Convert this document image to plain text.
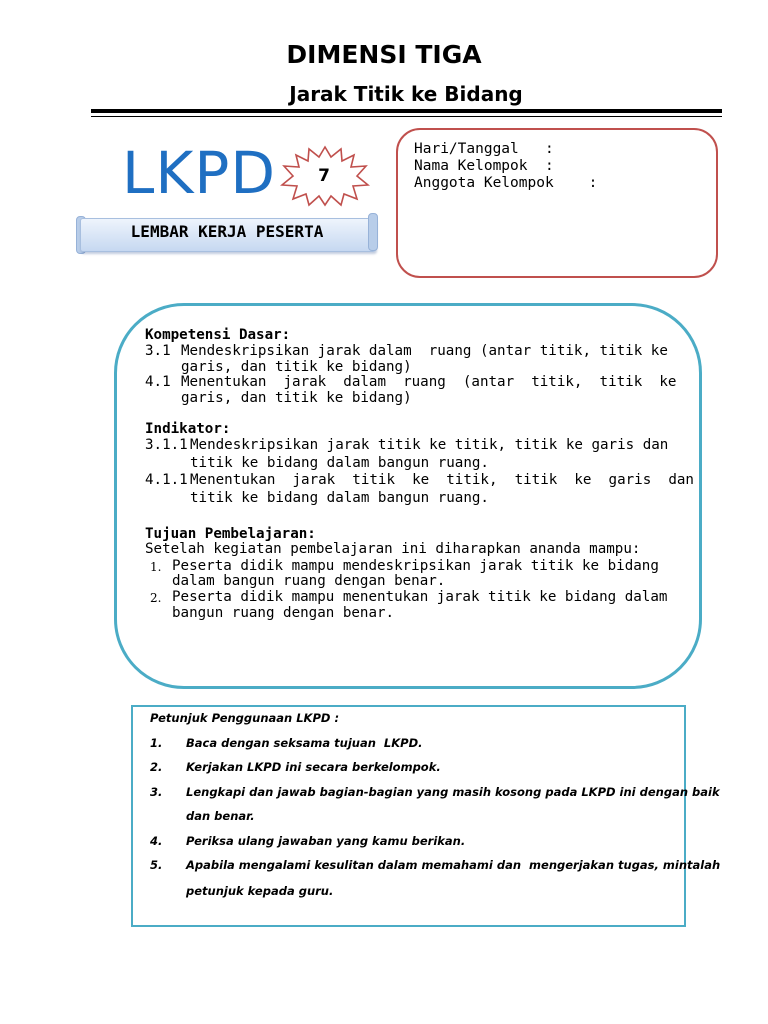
DIMENSI TIGA
Jarak Titik ke Bidang
LKPD	7
LEMBAR KERJA PESERTA
Hari/Tanggal   :
Nama Kelompok  :
Anggota Kelompok    :
Kompetensi Dasar:
3.1 Mendeskripsikan jarak dalam  ruang (antar titik, titik ke
garis, dan titik ke bidang)
4.1 Menentukan  jarak  dalam  ruang  (antar  titik,  titik  ke
garis, dan titik ke bidang)
Indikator:
3.1.1 Mendeskripsikan jarak titik ke titik, titik ke garis dan
titik ke bidang dalam bangun ruang.
4.1.1 Menentukan  jarak  titik  ke  titik,  titik  ke  garis  dan
titik ke bidang dalam bangun ruang.
Tujuan Pembelajaran:
Setelah kegiatan pembelajaran ini diharapkan ananda mampu:
1. Peserta didik mampu mendeskripsikan jarak titik ke bidang
dalam bangun ruang dengan benar.
2. Peserta didik mampu menentukan jarak titik ke bidang dalam
bangun ruang dengan benar.
Petunjuk Penggunaan LKPD :
1. Baca dengan seksama tujuan  LKPD.
2. Kerjakan LKPD ini secara berkelompok.
3. Lengkapi dan jawab bagian-bagian yang masih kosong pada LKPD ini dengan baik
dan benar.
4. Periksa ulang jawaban yang kamu berikan.
5. Apabila mengalami kesulitan dalam memahami dan  mengerjakan tugas, mintalah
petunjuk kepada guru.
